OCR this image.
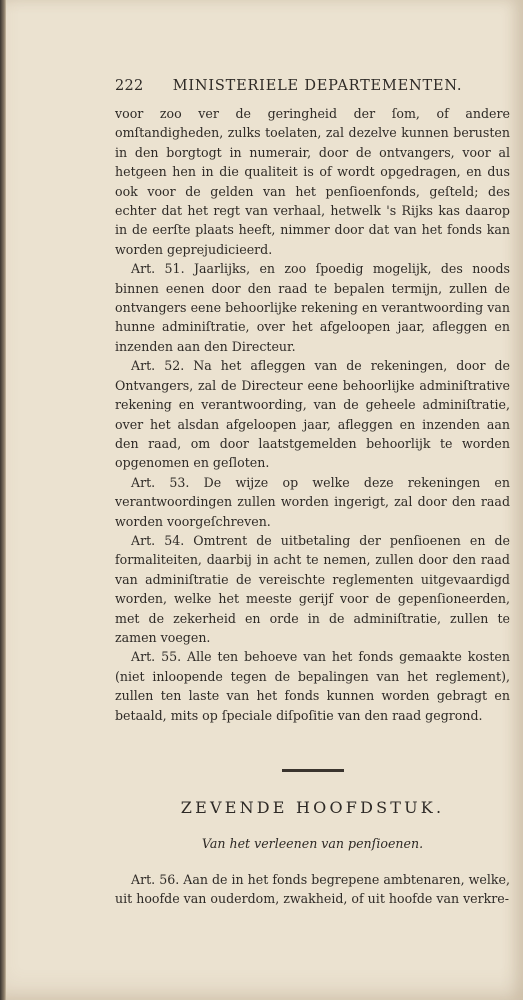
222	MINISTERIELE DEPARTEMENTEN.

voor zoo ver de geringheid der ſom, of andere omſtandigheden, zulks toelaten, zal dezelve kunnen berusten in den borgtogt in numerair, door de ontvangers, voor al hetgeen hen in die qualiteit is of wordt opgedragen, en dus ook voor de gelden van het penſioenfonds, geſteld; des echter dat het regt van verhaal, hetwelk 's Rijks kas daarop in de eerſte plaats heeft, nimmer door dat van het fonds kan worden geprejudicieerd.

Art. 51. Jaarlijks, en zoo ſpoedig mogelijk, des noods binnen eenen door den raad te bepalen termijn, zullen de ontvangers eene behoorlijke rekening en verantwoording van hunne adminiſtratie, over het afgeloopen jaar, afleggen en inzenden aan den Directeur.

Art. 52. Na het afleggen van de rekeningen, door de Ontvangers, zal de Directeur eene behoorlijke adminiſtrative rekening en verantwoording, van de geheele adminiſtratie, over het alsdan afgeloopen jaar, afleggen en inzenden aan den raad, om door laatstgemelden behoorlijk te worden opgenomen en geſloten.

Art. 53. De wijze op welke deze rekeningen en verantwoordingen zullen worden ingerigt, zal door den raad worden voorgeſchreven.

Art. 54. Omtrent de uitbetaling der penſioenen en de formaliteiten, daarbij in acht te nemen, zullen door den raad van adminiſtratie de vereischte reglementen uitgevaardigd worden, welke het meeste gerijf voor de gepenſioneerden, met de zekerheid en orde in de adminiſtratie, zullen te zamen voegen.

Art. 55. Alle ten behoeve van het fonds gemaakte kosten (niet inloopende tegen de bepalingen van het reglement), zullen ten laste van het fonds kunnen worden gebragt en betaald, mits op ſpeciale diſpoſitie van den raad gegrond.

ZEVENDE HOOFDSTUK.
Van het verleenen van penſioenen.

Art. 56. Aan de in het fonds begrepene ambtenaren, welke, uit hoofde van ouderdom, zwakheid, of uit hoofde van verkre-
